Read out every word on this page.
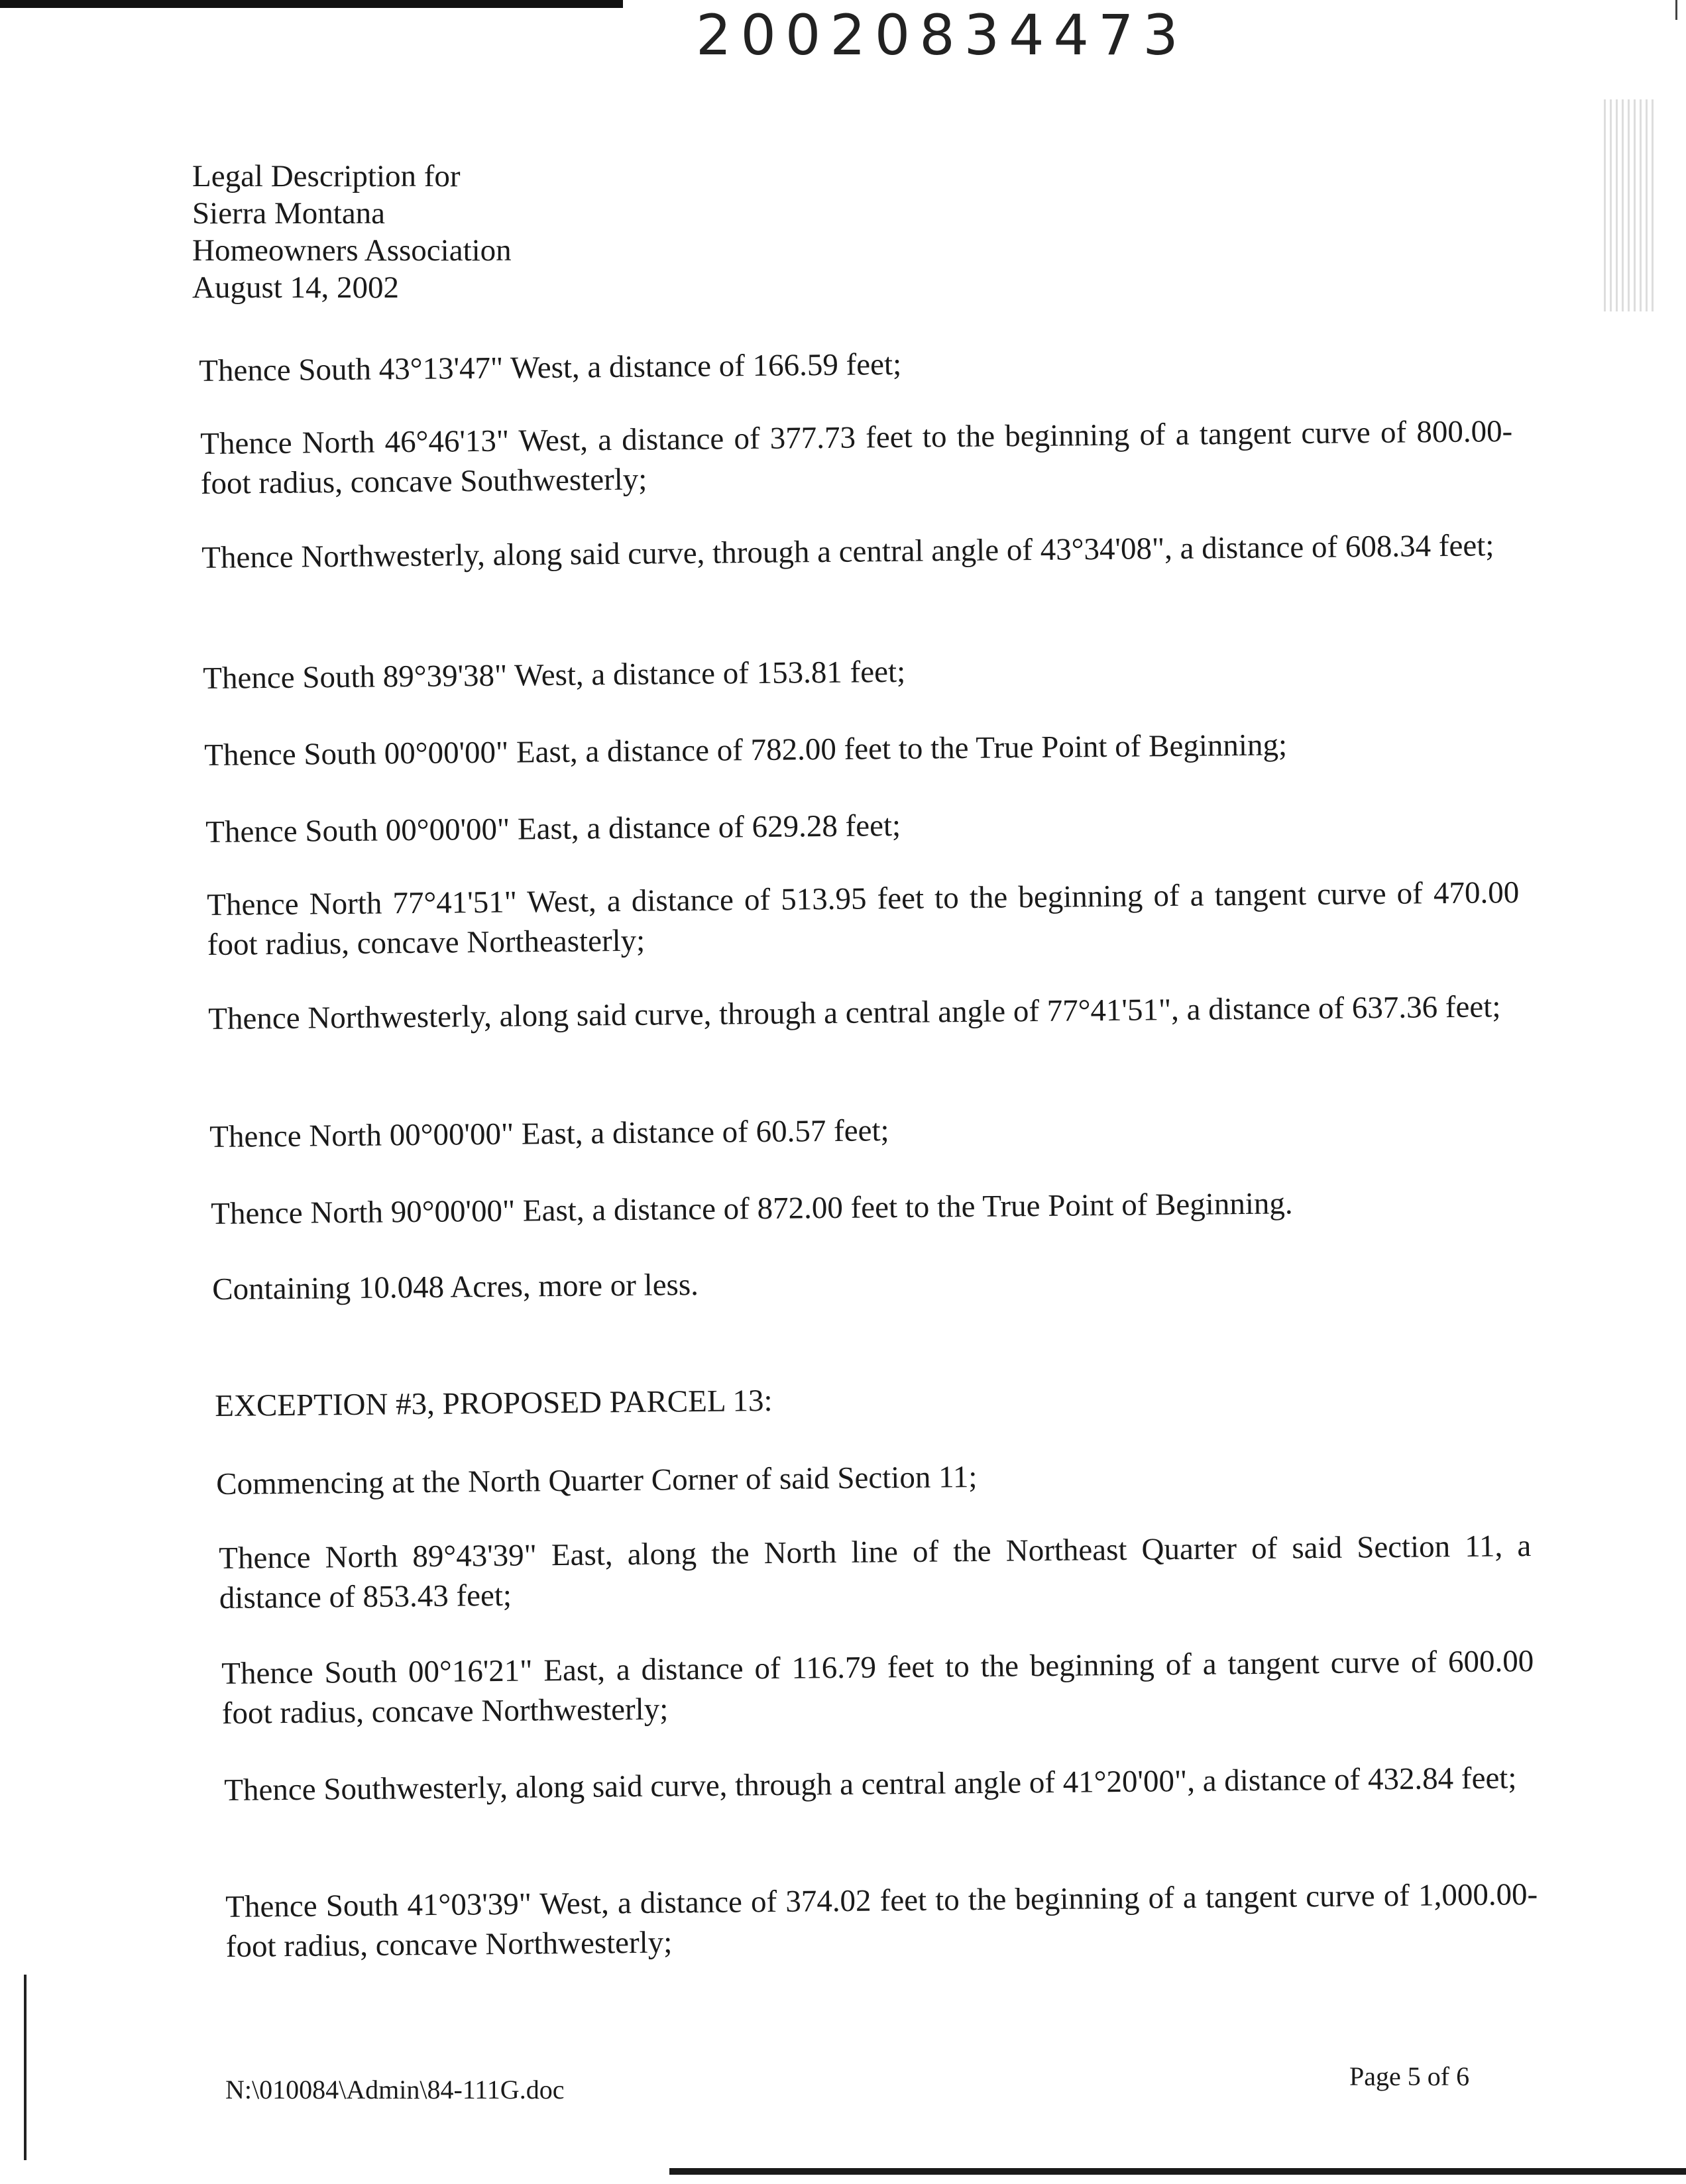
20020834473
Legal Description for
Sierra Montana
Homeowners Association
August 14, 2002
Thence South 43°13'47" West, a distance of 166.59 feet;
Thence North 46°46'13" West, a distance of 377.73 feet to the beginning of a tangent curve of 800.00-foot radius, concave Southwesterly;
Thence Northwesterly, along said curve, through a central angle of 43°34'08", a distance of 608.34 feet;
Thence South 89°39'38" West, a distance of 153.81 feet;
Thence South 00°00'00" East, a distance of 782.00 feet to the True Point of Beginning;
Thence South 00°00'00" East, a distance of 629.28 feet;
Thence North 77°41'51" West, a distance of 513.95 feet to the beginning of a tangent curve of 470.00 foot radius, concave Northeasterly;
Thence Northwesterly, along said curve, through a central angle of 77°41'51", a distance of 637.36 feet;
Thence North 00°00'00" East, a distance of 60.57 feet;
Thence North 90°00'00" East, a distance of 872.00 feet to the True Point of Beginning.
Containing 10.048 Acres, more or less.
EXCEPTION #3, PROPOSED PARCEL 13:
Commencing at the North Quarter Corner of said Section 11;
Thence North 89°43'39" East, along the North line of the Northeast Quarter of said Section 11, a distance of 853.43 feet;
Thence South 00°16'21" East, a distance of 116.79 feet to the beginning of a tangent curve of 600.00 foot radius, concave Northwesterly;
Thence Southwesterly, along said curve, through a central angle of 41°20'00", a distance of 432.84 feet;
Thence South 41°03'39" West, a distance of 374.02 feet to the beginning of a tangent curve of 1,000.00-foot radius, concave Northwesterly;
N:\010084\Admin\84-111G.doc	Page 5 of 6
